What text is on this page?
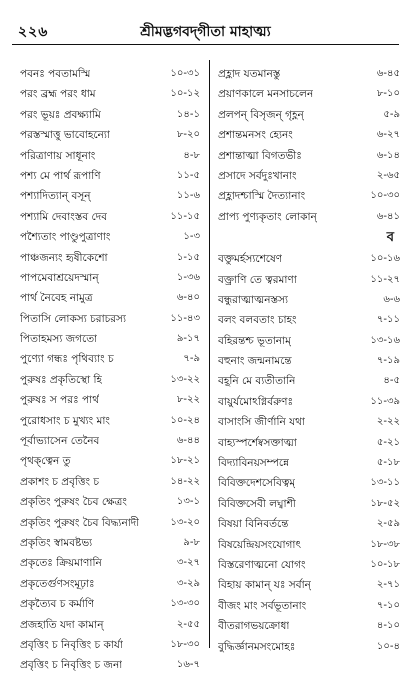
২২৬	শ্রীমদ্ভগবদ্‌গীতা মাহাত্ম্য
পবনঃ পবতামস্মি	১০-৩১
পরং ব্রহ্ম পরং ধাম	১০-১২
পরং ভূয়ঃ প্রবক্ষ্যামি	১৪-১
পরস্তস্মাত্তু ভাবোহন্যো	৮-২০
পরিত্রাণায় সাধূনাং	৪-৮
পশ্য মে পার্থ রূপাণি	১১-৫
পশ্যাদিত্যান্ বসূন্	১১-৬
পশ্যামি দেবাংস্তব দেব	১১-১৫
পশ্যৈতাং পাণ্ডুপুত্রাণাং	১-৩
পাঞ্চজন্যং হৃষীকেশো	১-১৫
পাপমেবাশ্রয়েদস্মান্	১-৩৬
পার্থ নৈবেহ নামুত্র	৬-৪০
পিতাসি লোকস্য চরাচরস্য	১১-৪৩
পিতাহমস্য জগতো	৯-১৭
পুণ্যো গন্ধঃ পৃথিব্যাং চ	৭-৯
পুরুষঃ প্রকৃতিস্থো হি	১৩-২২
পুরুষঃ স পরঃ পার্থ	৮-২২
পুরোধসাং চ মুখ্যং মাং	১০-২৪
পূর্বাভ্যাসেন তেনৈব	৬-৪৪
পৃথক্‌ত্বেন তু	১৮-২১
প্রকাশং চ প্রবৃত্তিং চ	১৪-২২
প্রকৃতিং পুরুষং চৈব ক্ষেত্রং	১৩-১
প্রকৃতিং পুরুষং চৈব বিদ্ধ্যনাদী	১৩-২০
প্রকৃতিং স্বামবষ্টভ্য	৯-৮
প্রকৃতেঃ ক্রিয়মাণানি	৩-২৭
প্রকৃতের্গুণসংমূঢ়াঃ	৩-২৯
প্রকৃত্যৈব চ কর্মাণি	১৩-৩০
প্রজহাতি যদা কামান্	২-৫৫
প্রবৃত্তিং চ নিবৃত্তিং চ কার্যা	১৮-৩০
প্রবৃত্তিং চ নিবৃত্তিং চ জনা	১৬-৭
প্রহ্লাদ যতমানস্তু	৬-৪৫
প্রয়াণকালে মনসাচলেন	৮-১০
প্রলপন্ বিসৃজন্ গৃহ্ণন্	৫-৯
প্রশান্তমনসং হ্যেনং	৬-২৭
প্রশান্তাত্মা বিগতভীঃ	৬-১৪
প্রসাদে সর্বদুঃখানাং	২-৬৫
প্রহ্লাদশ্চাস্মি দৈত্যানাং	১০-৩০
প্রাপ্য পুণ্যকৃতাং লোকান্	৬-৪১
ব
বক্তুমর্হস্যশেষেণ	১০-১৬
বক্ত্রাণি তে ত্বরমাণা	১১-২৭
বন্ধুরাত্মাত্মনস্তস্য	৬-৬
বলং বলবতাং চাহং	৭-১১
বহিরন্তশ্চ ভূতানাম্	১৩-১৬
বহুনাং জন্মনামন্তে	৭-১৯
বহূনি মে ব্যতীতানি	৪-৫
বায়ুর্যমোঽগ্নির্বরুণঃ	১১-৩৯
বাসাংসি জীর্ণানি যথা	২-২২
বাহ্যস্পর্শেষ্বসক্তাত্মা	৫-২১
বিদ্যাবিনয়সম্পন্নে	৫-১৮
বিবিক্তদেশসেবিত্বম্	১৩-১১
বিবিক্তসেবী লঘ্বাশী	১৮-৫২
বিষয়া বিনিবর্তন্তে	২-৫৯
বিষয়েন্দ্রিয়সংযোগাৎ	১৮-৩৮
বিস্তরেণাত্মনো যোগং	১০-১৮
বিহায় কামান্ যঃ সর্বান্	২-৭১
বীজং মাং সর্বভূতানাং	৭-১০
বীতরাগভয়ক্রোধা	৪-১০
বুদ্ধির্জ্ঞানমসংমোহঃ	১০-৪
